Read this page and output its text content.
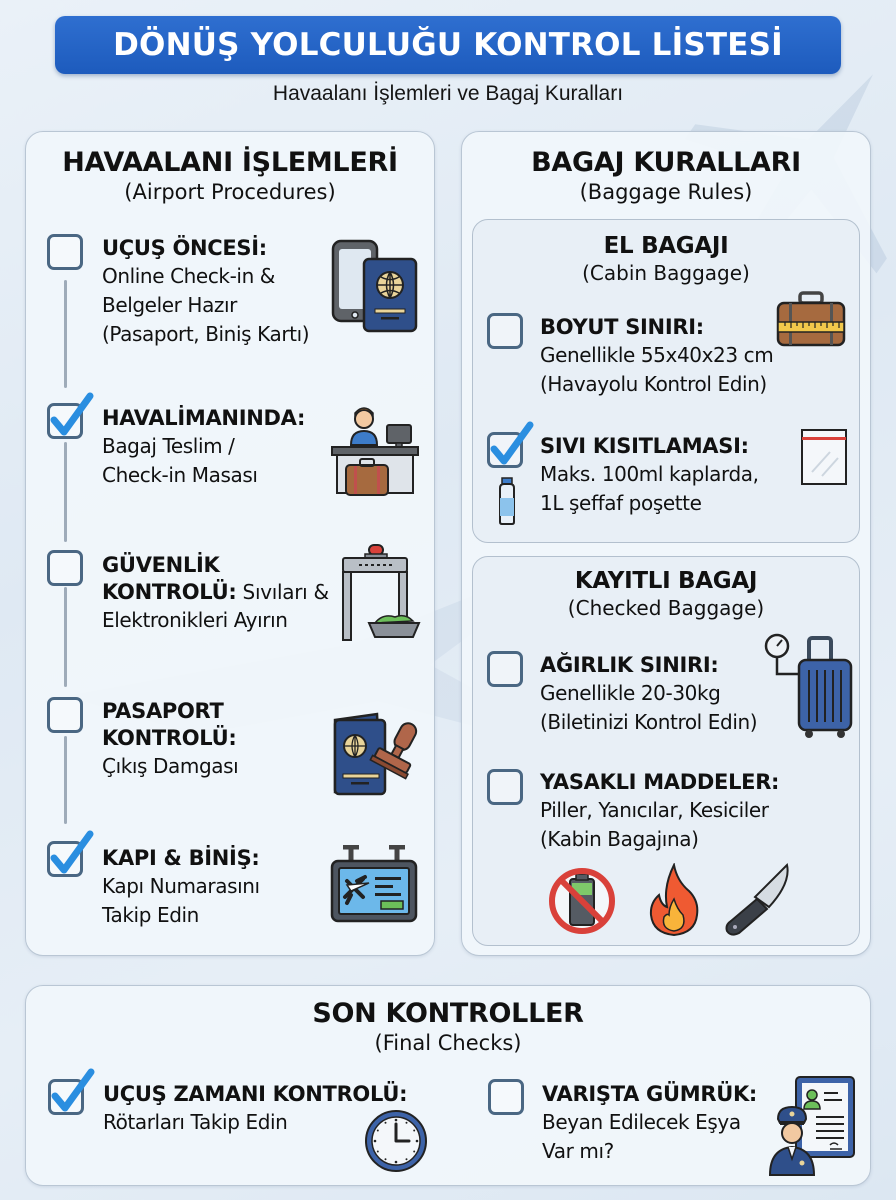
DÖNÜŞ YOLCULUĞU KONTROL LİSTESİ
Havaalanı İşlemleri ve Bagaj Kuralları
HAVAALANI İŞLEMLERİ
(Airport Procedures)
UÇUŞ ÖNCESİ:
Online Check-in &
Belgeler Hazır
(Pasaport, Biniş Kartı)
HAVALİMANINDA:
Bagaj Teslim /
Check-in Masası
GÜVENLİK
KONTROLÜ: Sıvıları &
Elektronikleri Ayırın
PASAPORT
KONTROLÜ:
Çıkış Damgası
KAPI & BİNİŞ:
Kapı Numarasını
Takip Edin
BAGAJ KURALLARI
(Baggage Rules)
EL BAGAJI
(Cabin Baggage)
BOYUT SINIRI:
Genellikle 55x40x23 cm
(Havayolu Kontrol Edin)
SIVI KISITLAMASI:
Maks. 100ml kaplarda,
1L şeffaf poşette
KAYITLI BAGAJ
(Checked Baggage)
AĞIRLIK SINIRI:
Genellikle 20-30kg
(Biletinizi Kontrol Edin)
YASAKLI MADDELER:
Piller, Yanıcılar, Kesiciler
(Kabin Bagajına)
SON KONTROLLER
(Final Checks)
UÇUŞ ZAMANI KONTROLÜ:
Rötarları Takip Edin
VARIŞTA GÜMRÜK:
Beyan Edilecek Eşya
Var mı?
